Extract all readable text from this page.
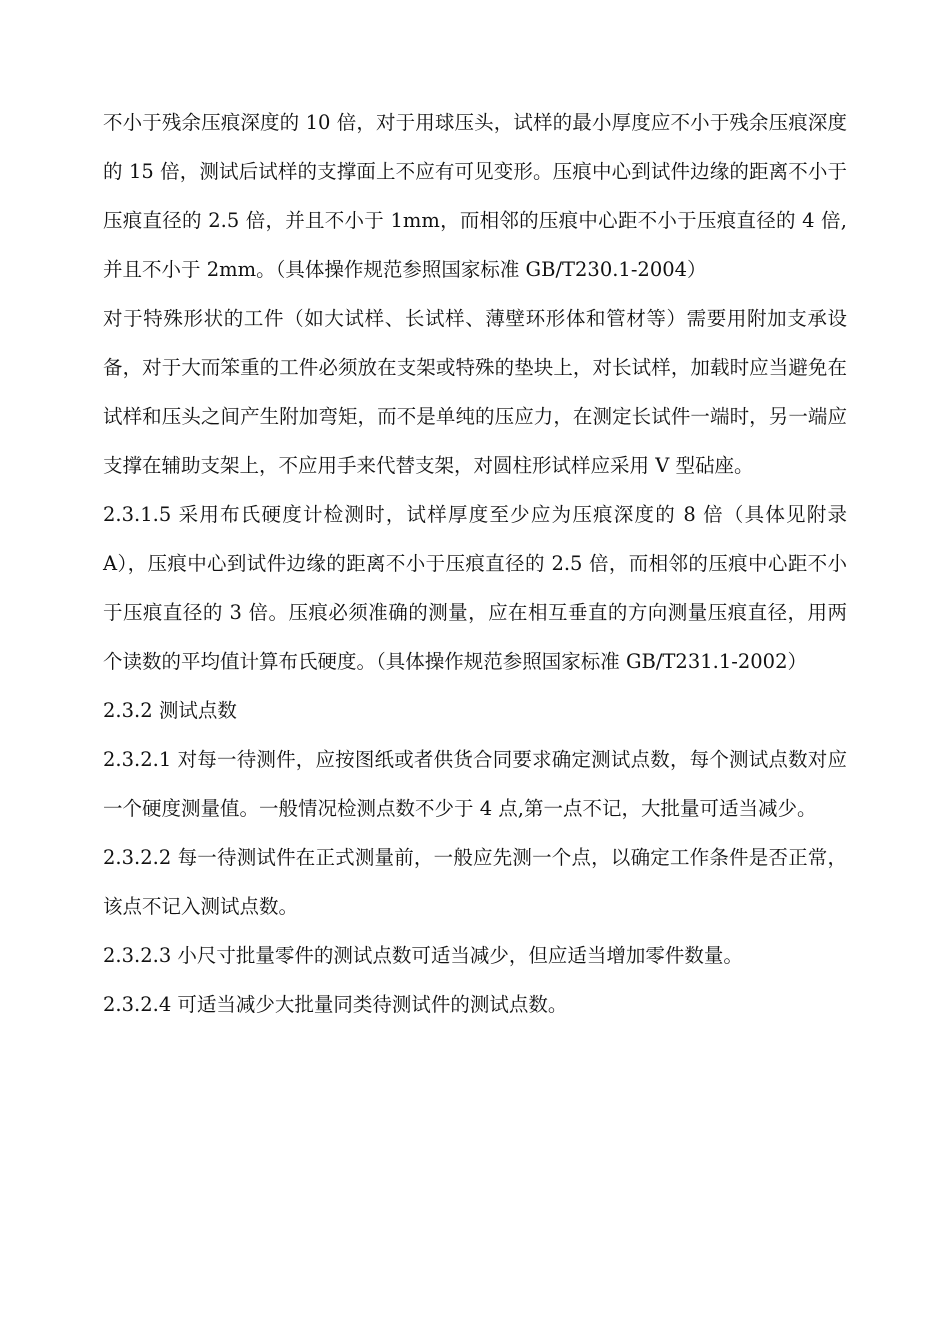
不小于残余压痕深度的 10 倍，对于用球压头，试样的最小厚度应不小于残余压痕深度的 15 倍，测试后试样的支撑面上不应有可见变形。压痕中心到试件边缘的距离不小于压痕直径的 2.5 倍，并且不小于 1mm，而相邻的压痕中心距不小于压痕直径的 4 倍, 并且不小于 2mm。（具体操作规范参照国家标准 GB/T230.1-2004）

对于特殊形状的工件（如大试样、长试样、薄壁环形体和管材等）需要用附加支承设备，对于大而笨重的工件必须放在支架或特殊的垫块上，对长试样，加载时应当避免在试样和压头之间产生附加弯矩，而不是单纯的压应力，在测定长试件一端时，另一端应支撑在辅助支架上，不应用手来代替支架，对圆柱形试样应采用 V 型砧座。

2.3.1.5 采用布氏硬度计检测时，试样厚度至少应为压痕深度的 8 倍（具体见附录 A），压痕中心到试件边缘的距离不小于压痕直径的 2.5 倍，而相邻的压痕中心距不小于压痕直径的 3 倍。压痕必须准确的测量，应在相互垂直的方向测量压痕直径，用两个读数的平均值计算布氏硬度。（具体操作规范参照国家标准 GB/T231.1-2002）

2.3.2 测试点数

2.3.2.1 对每一待测件，应按图纸或者供货合同要求确定测试点数，每个测试点数对应一个硬度测量值。一般情况检测点数不少于 4 点,第一点不记，大批量可适当减少。

2.3.2.2 每一待测试件在正式测量前，一般应先测一个点，以确定工作条件是否正常，该点不记入测试点数。

2.3.2.3 小尺寸批量零件的测试点数可适当减少，但应适当增加零件数量。

2.3.2.4 可适当减少大批量同类待测试件的测试点数。
